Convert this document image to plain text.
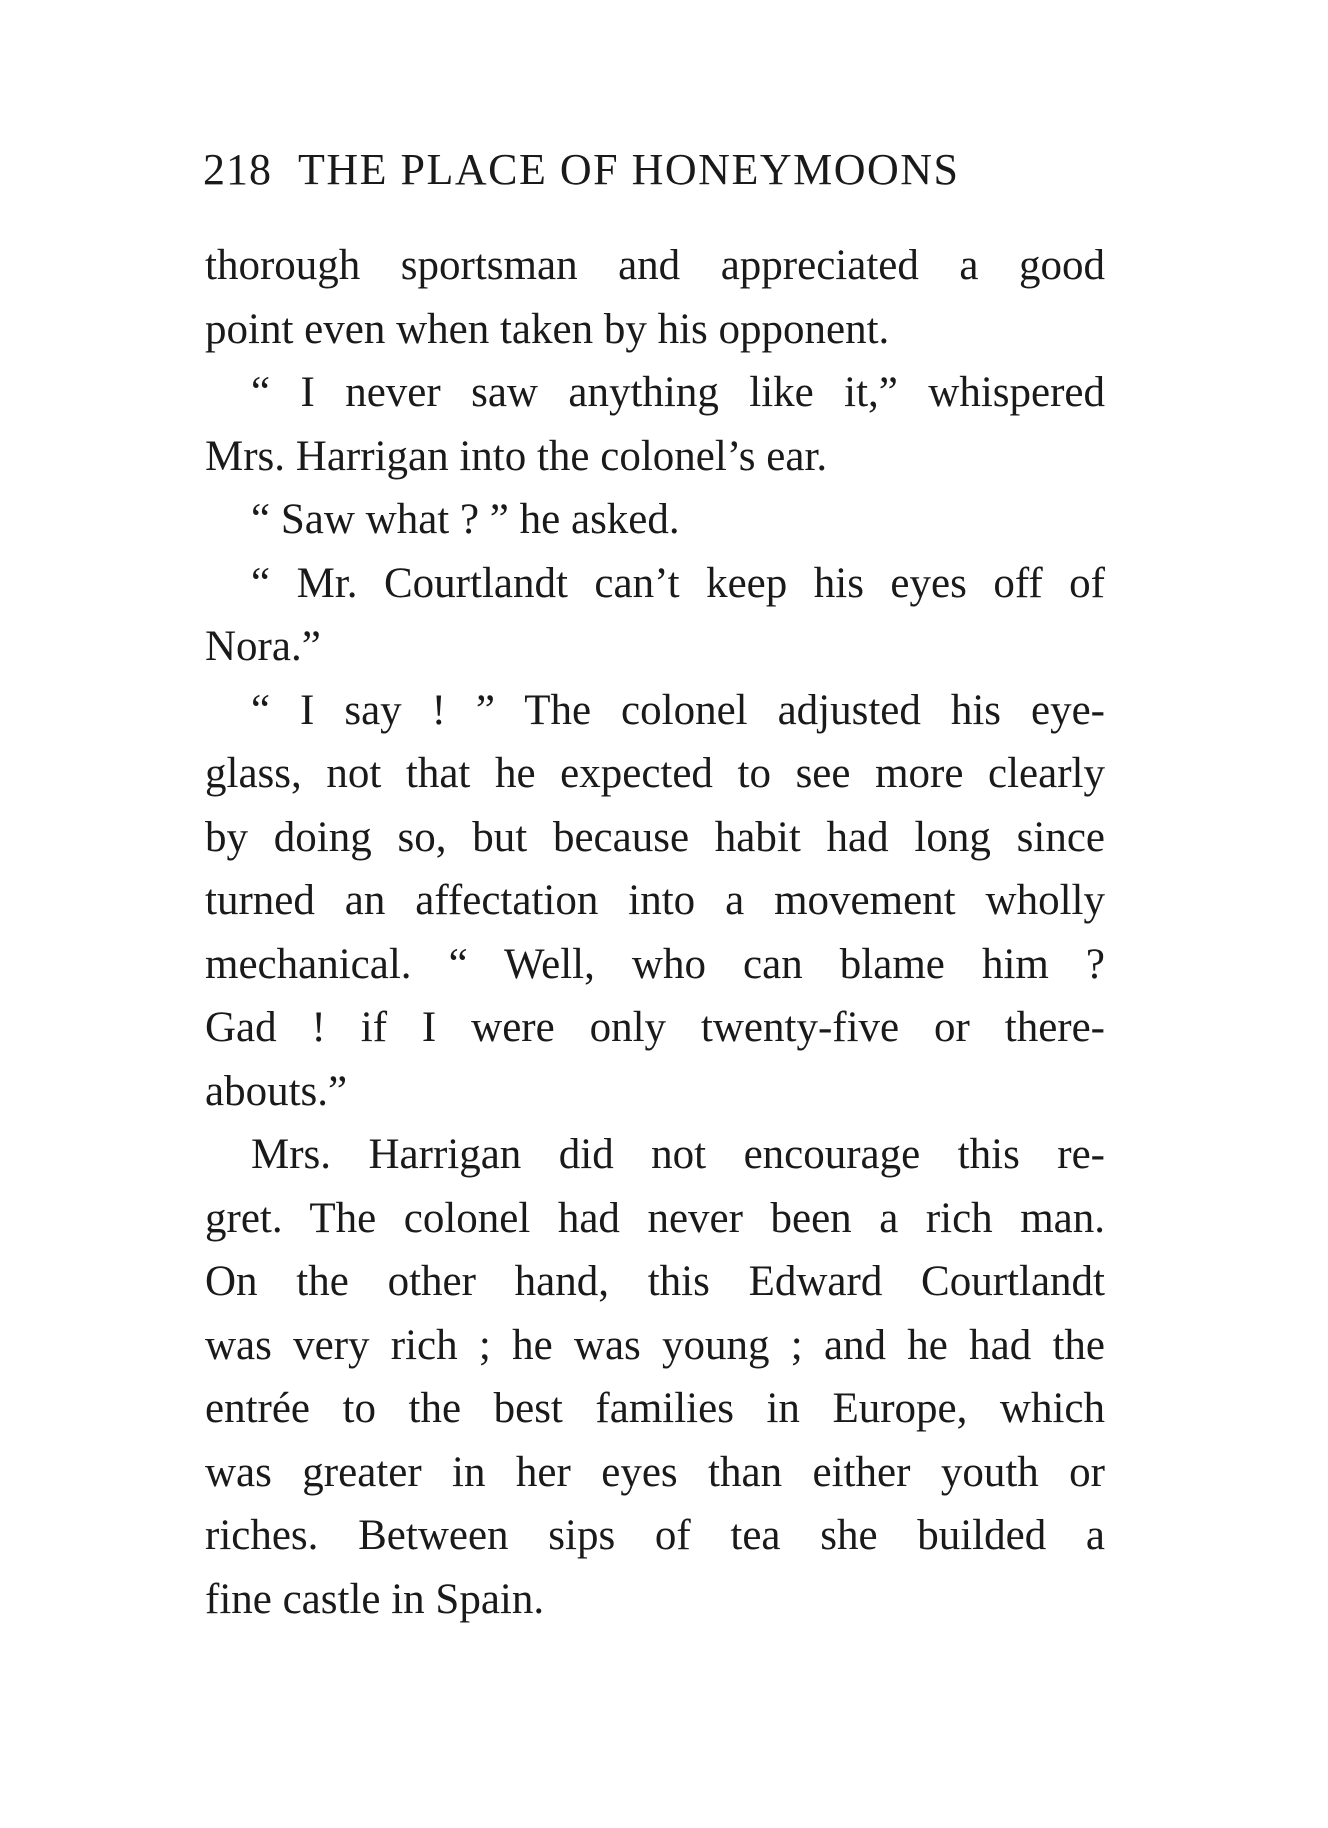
218 THE PLACE OF HONEYMOONS

thorough sportsman and appreciated a good
point even when taken by his opponent.

“ I never saw anything like it,” whispered
Mrs. Harrigan into the colonel’s ear.

“ Saw what ? ” he asked.

“ Mr. Courtlandt can’t keep his eyes off of
Nora.”

“ I say ! ” The colonel adjusted his eye-
glass, not that he expected to see more clearly
by doing so, but because habit had long since
turned an affectation into a movement wholly
mechanical. “ Well, who can blame him ?
Gad ! if I were only twenty-five or there-
abouts.”

Mrs. Harrigan did not encourage this re-
gret. The colonel had never been a rich man.
On the other hand, this Edward Courtlandt
was very rich ; he was young ; and he had the
entrée to the best families in Europe, which
was greater in her eyes than either youth or
riches. Between sips of tea she builded a
fine castle in Spain.
